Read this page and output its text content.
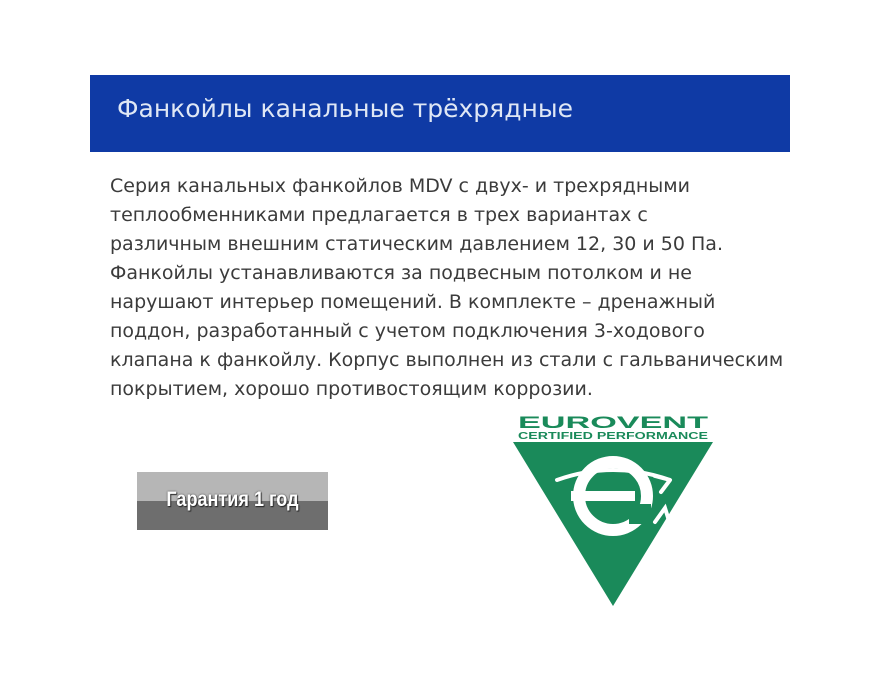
Фанкойлы канальные трёхрядные

Серия канальных фанкойлов MDV с двух- и трехрядными
теплообменниками предлагается в трех вариантах с
различным внешним статическим давлением 12, 30 и 50 Па.
Фанкойлы устанавливаются за подвесным потолком и не
нарушают интерьер помещений. В комплекте – дренажный
поддон, разработанный с учетом подключения 3-ходового
клапана к фанкойлу. Корпус выполнен из стали с гальваническим
покрытием, хорошо противостоящим коррозии.

Гарантия 1 год
EUROVENT
CERTIFIED PERFORMANCE
